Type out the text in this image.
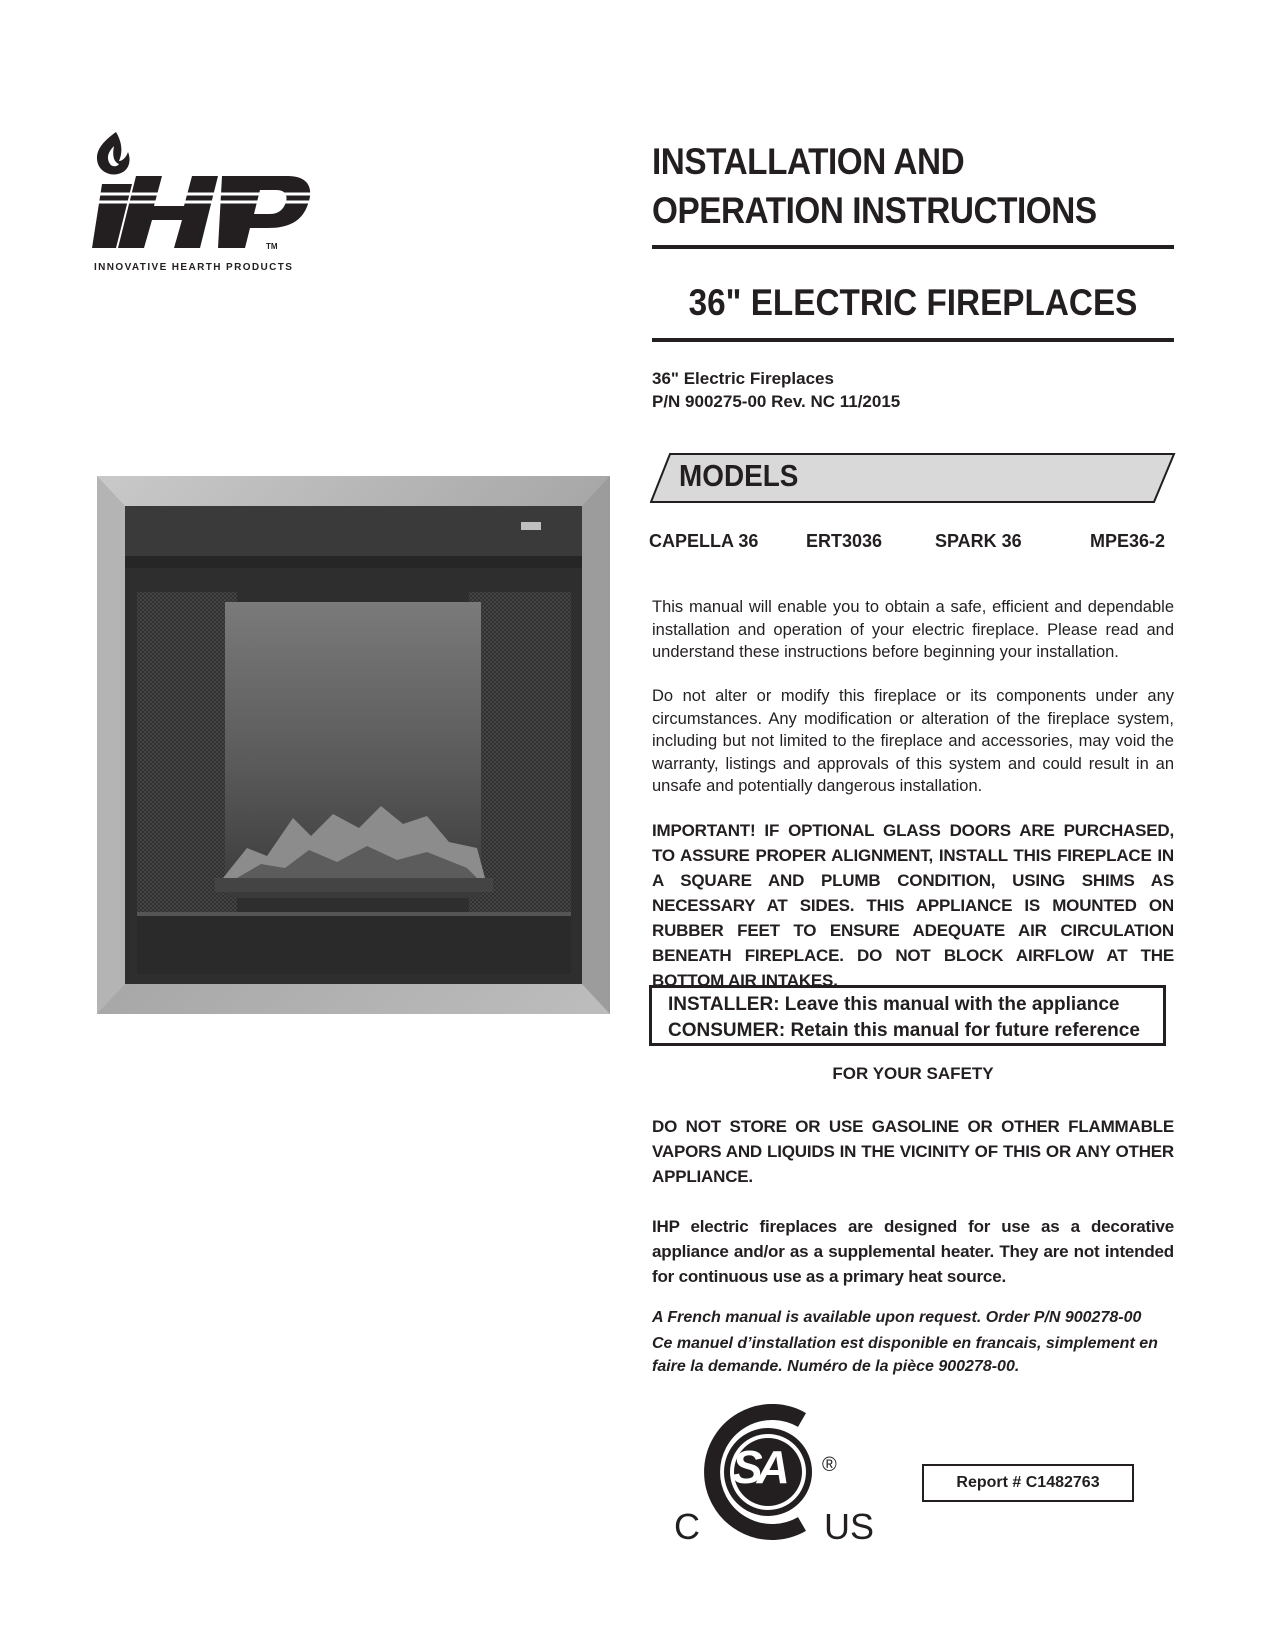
TM
INNOVATIVE HEARTH PRODUCTS
INSTALLATION AND
OPERATION INSTRUCTIONS
36" ELECTRIC FIREPLACES
36" Electric Fireplaces
P/N 900275-00 Rev. NC 11/2015
MODELS
CAPELLA 36	ERT3036	SPARK 36	MPE36-2

This manual will enable you to obtain a safe, efficient and dependable installation and operation of your electric fireplace. Please read and understand these instructions before beginning your installation.

Do not alter or modify this fireplace or its components under any circumstances. Any modification or alteration of the fireplace system, including but not limited to the fireplace and accessories, may void the warranty, listings and approvals of this system and could result in an unsafe and potentially dangerous installation.

IMPORTANT! IF OPTIONAL GLASS DOORS ARE PURCHASED, TO ASSURE PROPER ALIGNMENT, INSTALL THIS FIREPLACE IN A SQUARE AND PLUMB CONDITION, USING SHIMS AS NECESSARY AT SIDES. THIS APPLIANCE IS MOUNTED ON RUBBER FEET TO ENSURE ADEQUATE AIR CIRCULATION BENEATH FIREPLACE. DO NOT BLOCK AIRFLOW AT THE BOTTOM AIR INTAKES.

INSTALLER: Leave this manual with the appliance
CONSUMER: Retain this manual for future reference
FOR YOUR SAFETY

DO NOT STORE OR USE GASOLINE OR OTHER FLAMMABLE VAPORS AND LIQUIDS IN THE VICINITY OF THIS OR ANY OTHER APPLIANCE.

IHP electric fireplaces are designed for use as a decorative appliance and/or as a supplemental heater. They are not intended for continuous use as a primary heat source.

A French manual is available upon request. Order P/N 900278-00

Ce manuel d’installation est disponible en francais, simplement en faire la demande. Numéro de la pièce 900278-00.

SA ®
C	US
Report # C1482763
